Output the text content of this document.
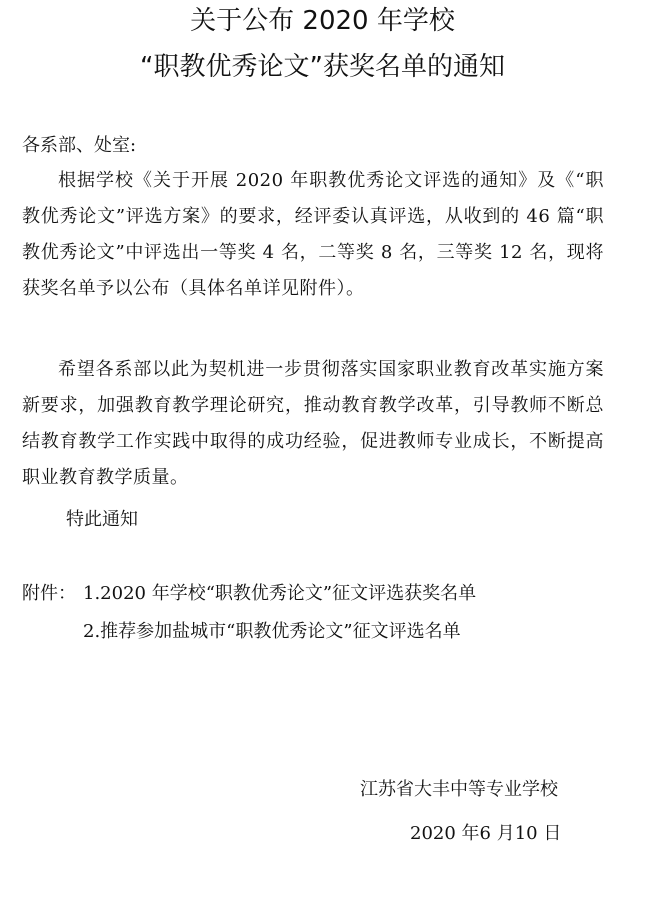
关于公布 2020 年学校
“职教优秀论文”获奖名单的通知
各系部、处室:

根据学校《关于开展 2020 年职教优秀论文评选的通知》及《“职教优秀论文”评选方案》的要求，经评委认真评选，从收到的 46 篇“职教优秀论文”中评选出一等奖 4 名，二等奖 8 名，三等奖 12 名，现将获奖名单予以公布（具体名单详见附件）。

希望各系部以此为契机进一步贯彻落实国家职业教育改革实施方案新要求，加强教育教学理论研究，推动教育教学改革，引导教师不断总结教育教学工作实践中取得的成功经验，促进教师专业成长，不断提高职业教育教学质量。

特此通知
附件： 1.2020 年学校“职教优秀论文”征文评选获奖名单
2.推荐参加盐城市“职教优秀论文”征文评选名单
江苏省大丰中等专业学校
2020 年6 月10 日
